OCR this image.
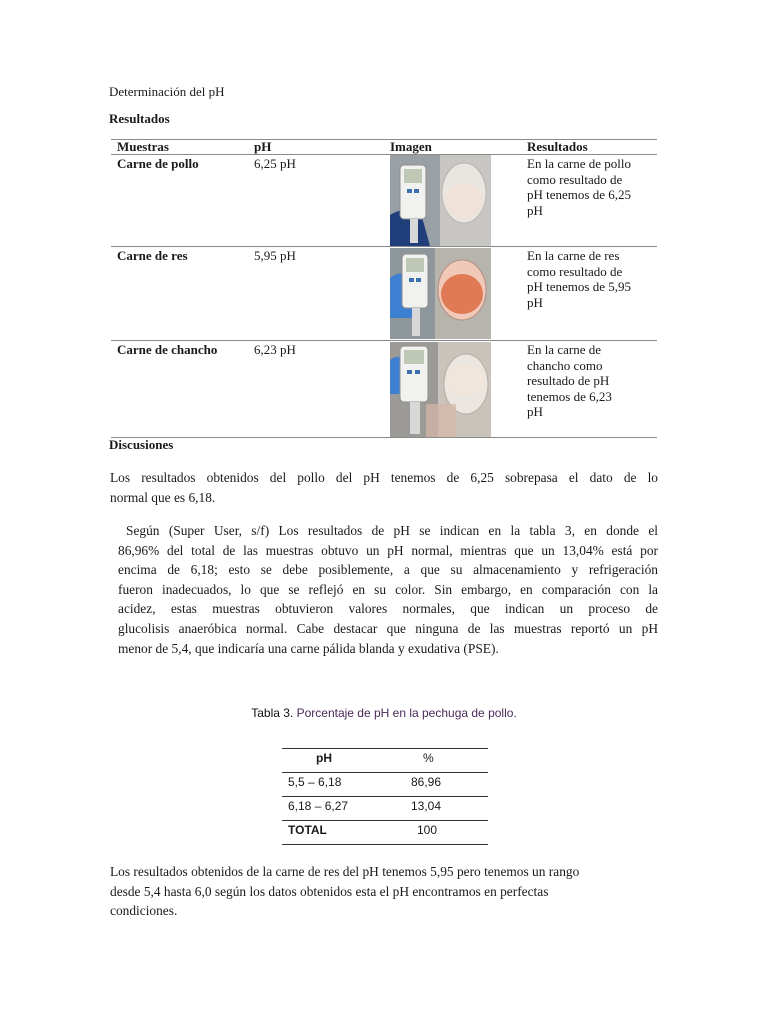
Determinación del pH
Resultados
Muestras	pH	Imagen	Resultados
Carne de pollo	6,25 pH	En la carne de pollo
como resultado de
pH tenemos de 6,25
pH
Carne de res	5,95 pH	En la carne de res
como resultado de
pH tenemos de 5,95
pH
Carne de chancho	6,23 pH	En la carne de
chancho como
resultado de pH
tenemos de 6,23
pH
Discusiones
Los resultados obtenidos del pollo del pH tenemos de 6,25 sobrepasa el dato de lo
normal que es 6,18.
Según (Super User, s/f) Los resultados de pH se indican en la tabla 3, en donde el
86,96% del total de las muestras obtuvo un pH normal, mientras que un 13,04% está por
encima de 6,18; esto se debe posiblemente, a que su almacenamiento y refrigeración
fueron inadecuados, lo que se reflejó en su color. Sin embargo, en comparación con la
acidez, estas muestras obtuvieron valores normales, que indican un proceso de
glucolisis anaeróbica normal. Cabe destacar que ninguna de las muestras reportó un pH
menor de 5,4, que indicaría una carne pálida blanda y exudativa (PSE).
Tabla 3. Porcentaje de pH en la pechuga de pollo.
pH	%
5,5 – 6,18	86,96
6,18 – 6,27	13,04
TOTAL	100
Los resultados obtenidos de la carne de res del pH tenemos 5,95 pero tenemos un rango
desde 5,4 hasta 6,0 según los datos obtenidos esta el pH encontramos en perfectas
condiciones.
